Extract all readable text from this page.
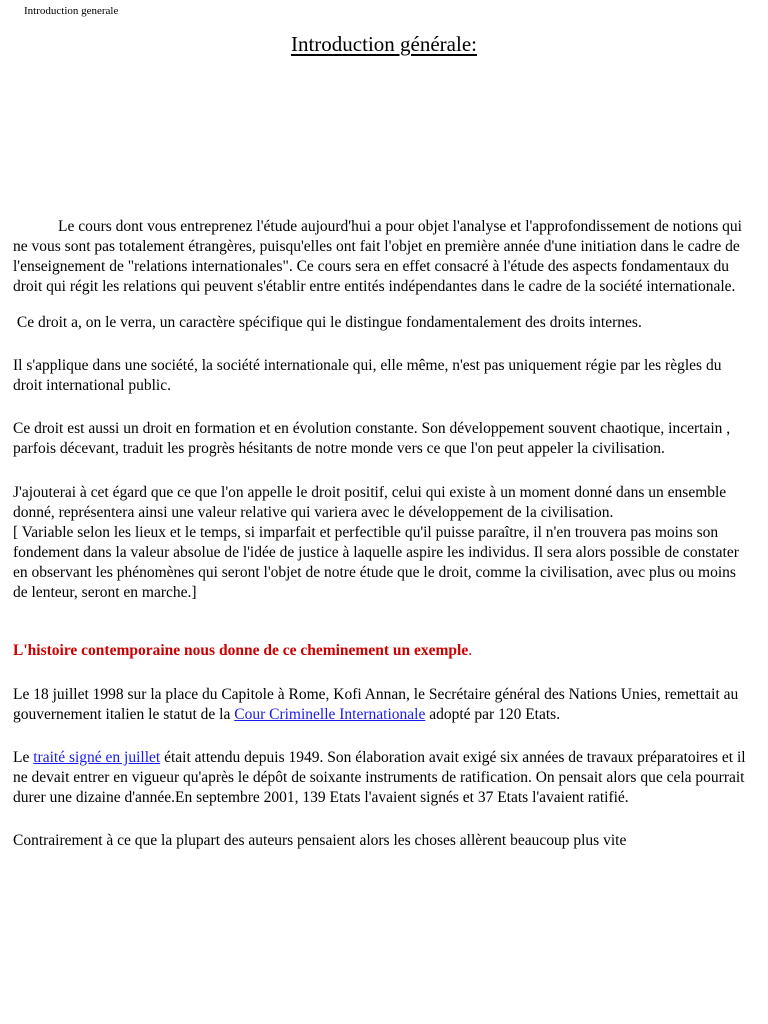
Introduction generale
Introduction générale:

Le cours dont vous entreprenez l'étude aujourd'hui a pour objet l'analyse et l'approfondissement de notions qui ne vous sont pas totalement étrangères, puisqu'elles ont fait l'objet en première année d'une initiation dans le cadre de l'enseignement de "relations internationales". Ce cours sera en effet consacré à l'étude des aspects fondamentaux du droit qui régit les relations qui peuvent s'établir entre entités indépendantes dans le cadre de la société internationale.

Ce droit a, on le verra, un caractère spécifique qui le distingue fondamentalement des droits internes.

Il s'applique dans une société, la société internationale qui, elle même, n'est pas uniquement régie par les règles du droit international public.

Ce droit est aussi un droit en formation et en évolution constante. Son développement souvent chaotique, incertain , parfois décevant, traduit les progrès hésitants de notre monde vers ce que l'on peut appeler la civilisation.

J'ajouterai à cet égard que ce que l'on appelle le droit positif, celui qui existe à un moment donné dans un ensemble donné, représentera ainsi une valeur relative qui variera avec le développement de la civilisation.

[ Variable selon les lieux et le temps, si imparfait et perfectible qu'il puisse paraître, il n'en trouvera pas moins son fondement dans la valeur absolue de l'idée de justice à laquelle aspire les individus. Il sera alors possible de constater en observant les phénomènes qui seront l'objet de notre étude que le droit, comme la civilisation, avec plus ou moins de lenteur, seront en marche.]

L'histoire contemporaine nous donne de ce cheminement un exemple.

Le 18 juillet 1998 sur la place du Capitole à Rome, Kofi Annan, le Secrétaire général des Nations Unies, remettait au gouvernement italien le statut de la Cour Criminelle Internationale adopté par 120 Etats.

Le traité signé en juillet était attendu depuis 1949. Son élaboration avait exigé six années de travaux préparatoires et il ne devait entrer en vigueur qu'après le dépôt de soixante instruments de ratification. On pensait alors que cela pourrait durer une dizaine d'année.En septembre 2001, 139 Etats l'avaient signés et 37 Etats l'avaient ratifié.

Contrairement à ce que la plupart des auteurs pensaient alors les choses allèrent beaucoup plus vite
